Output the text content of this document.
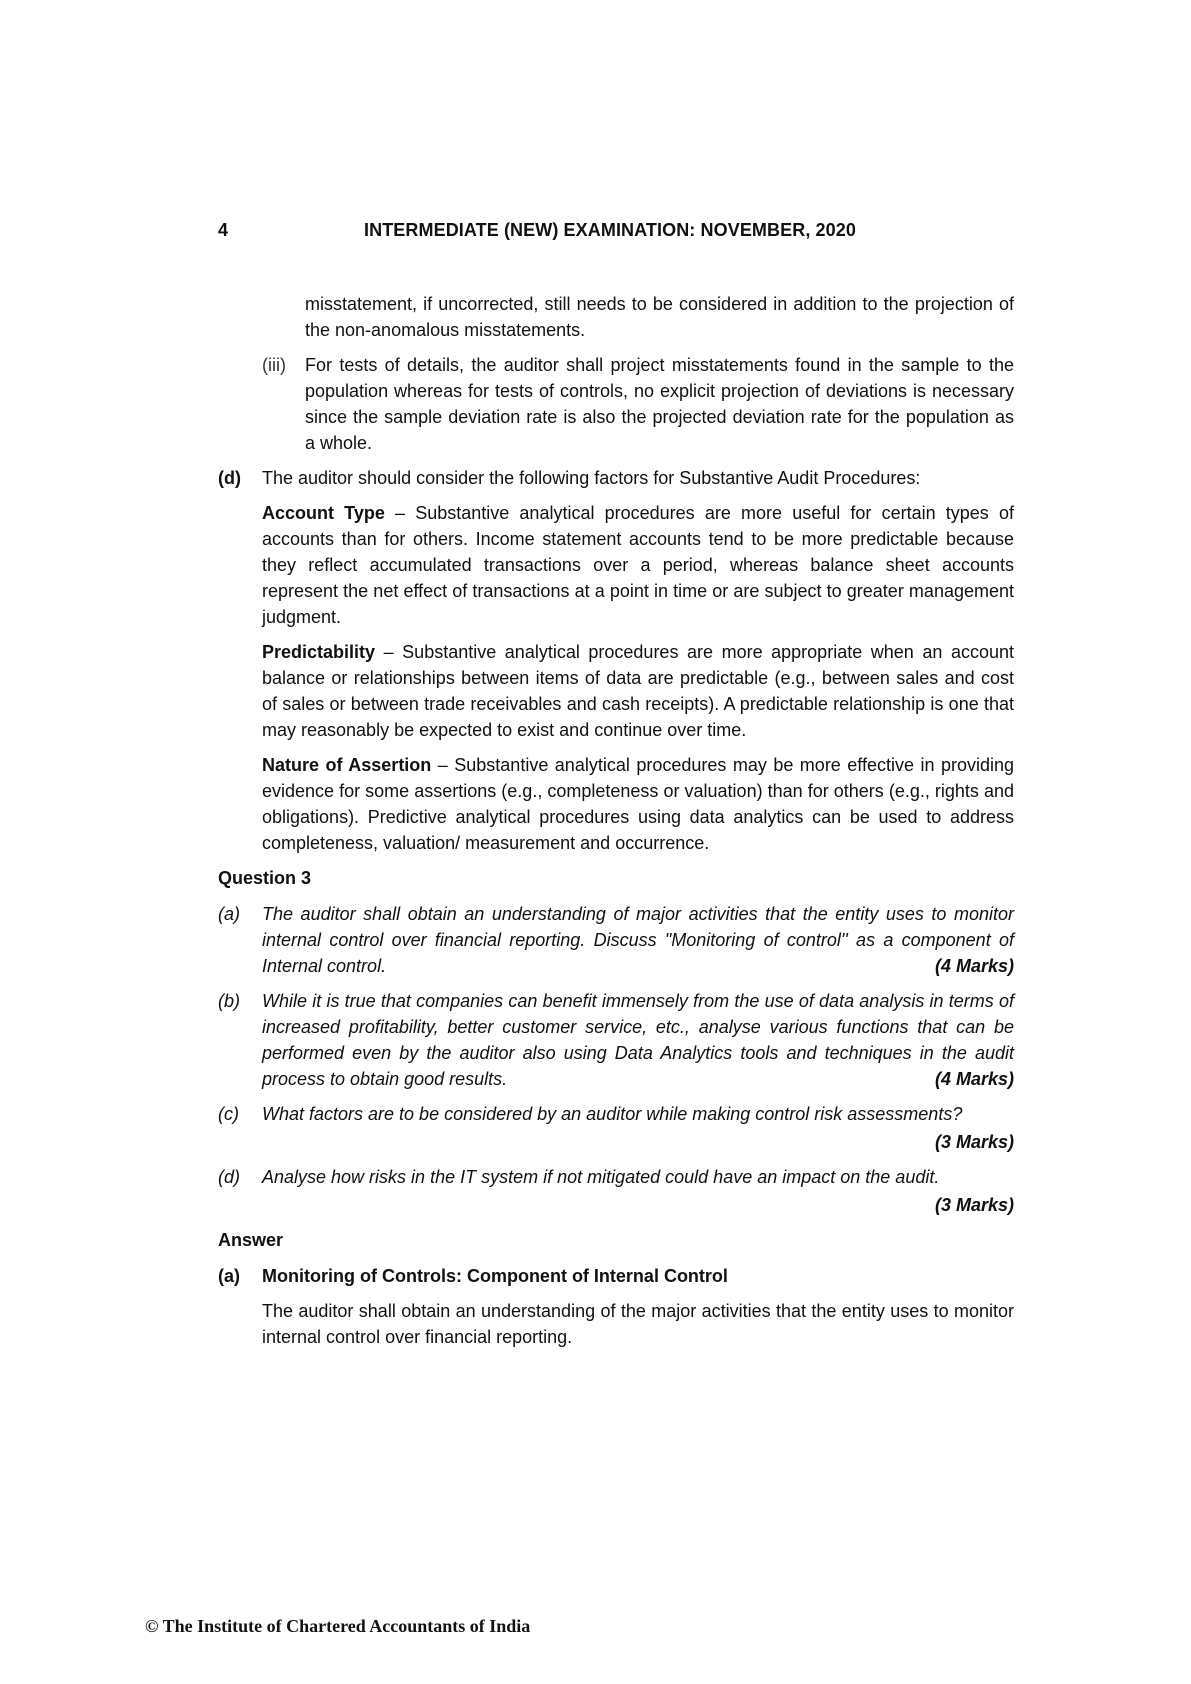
4	INTERMEDIATE (NEW) EXAMINATION: NOVEMBER, 2020

misstatement, if uncorrected, still needs to be considered in addition to the projection of the non-anomalous misstatements.

(iii)	For tests of details, the auditor shall project misstatements found in the sample to the population whereas for tests of controls, no explicit projection of deviations is necessary since the sample deviation rate is also the projected deviation rate for the population as a whole.
(d)	The auditor should consider the following factors for Substantive Audit Procedures:

Account Type – Substantive analytical procedures are more useful for certain types of accounts than for others. Income statement accounts tend to be more predictable because they reflect accumulated transactions over a period, whereas balance sheet accounts represent the net effect of transactions at a point in time or are subject to greater management judgment.

Predictability – Substantive analytical procedures are more appropriate when an account balance or relationships between items of data are predictable (e.g., between sales and cost of sales or between trade receivables and cash receipts). A predictable relationship is one that may reasonably be expected to exist and continue over time.

Nature of Assertion – Substantive analytical procedures may be more effective in providing evidence for some assertions (e.g., completeness or valuation) than for others (e.g., rights and obligations). Predictive analytical procedures using data analytics can be used to address completeness, valuation/ measurement and occurrence.

Question 3
(a)	The auditor shall obtain an understanding of major activities that the entity uses to monitor internal control over financial reporting. Discuss "Monitoring of control'' as a component of Internal control.	(4 Marks)
(b)	While it is true that companies can benefit immensely from the use of data analysis in terms of increased profitability, better customer service, etc., analyse various functions that can be performed even by the auditor also using Data Analytics tools and techniques in the audit process to obtain good results.	(4 Marks)
(c)	What factors are to be considered by an auditor while making control risk assessments?
(3 Marks)
(d)	Analyse how risks in the IT system if not mitigated could have an impact on the audit.
(3 Marks)
Answer
(a)	Monitoring of Controls: Component of Internal Control

The auditor shall obtain an understanding of the major activities that the entity uses to monitor internal control over financial reporting.

© The Institute of Chartered Accountants of India
